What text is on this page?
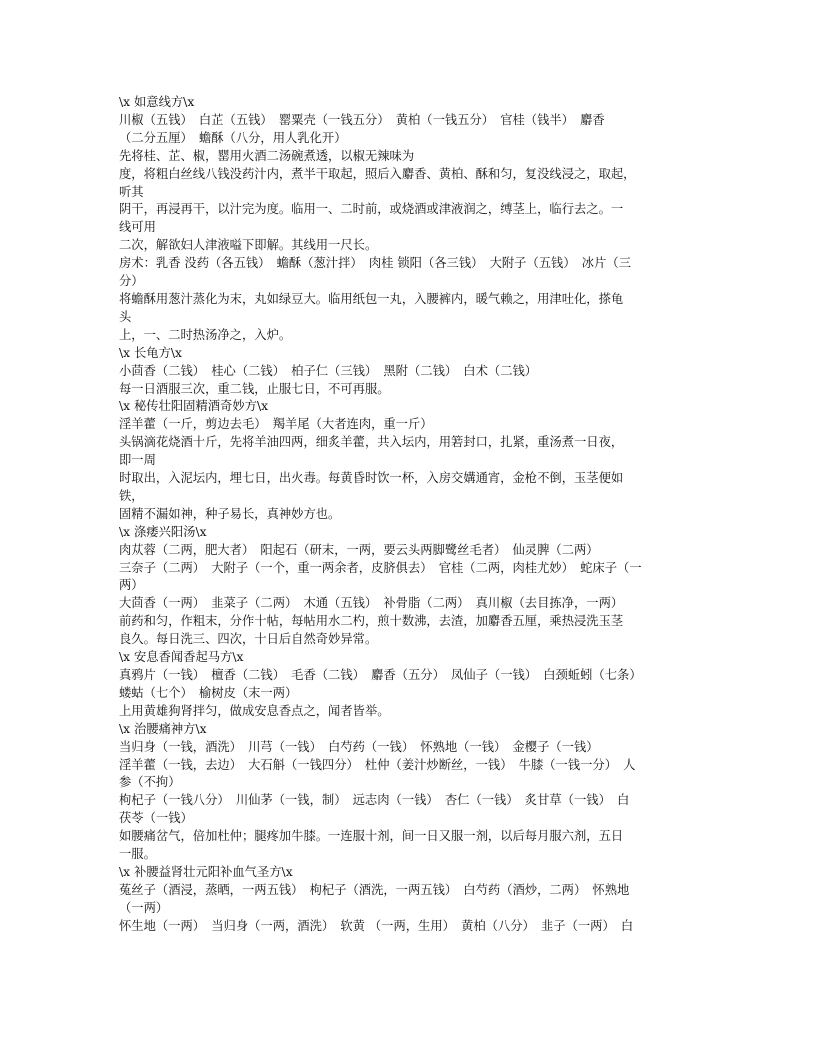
\x 如意线方\x
川椒（五钱）　白芷（五钱）　罂粟壳（一钱五分）　黄柏（一钱五分）　官桂（钱半）　麝香
（二分五厘）　蟾酥（八分，用人乳化开）
先将桂、芷、椒，罂用火酒二汤碗煮透，以椒无辣味为
度，将粗白丝线八钱没药汁内，煮半干取起，照后入麝香、黄柏、酥和匀，复没线浸之，取起，
听其
阴干，再浸再干，以汁完为度。临用一、二时前，或烧酒或津液润之，缚茎上，临行去之。一
线可用
二次，解欲妇人津液嗌下即解。其线用一尺长。
房术：乳香 没药（各五钱）　蟾酥（葱汁拌）　肉桂 锁阳（各三钱）　大附子（五钱）　冰片（三
分）
将蟾酥用葱汁蒸化为末，丸如绿豆大。临用纸包一丸，入腰裤内，暖气赖之，用津吐化，搽龟
头
上，一、二时热汤净之，入炉。
\x 长龟方\x
小茴香（二钱）　桂心（二钱）　柏子仁（三钱）　黑附（二钱）　白术（二钱）
每一日酒服三次，重二钱，止服七日，不可再服。
\x 秘传壮阳固精酒奇妙方\x
淫羊藿（一斤，剪边去毛）　羯羊尾（大者连肉，重一斤）
头锅滴花烧酒十斤，先将羊油四两，细炙羊藿，共入坛内，用箬封口，扎紧，重汤煮一日夜，
即一周
时取出，入泥坛内，埋七日，出火毒。每黄昏时饮一杯，入房交媾通宵，金枪不倒，玉茎便如
铁，
固精不漏如神，种子易长，真神妙方也。
\x 涤痿兴阳汤\x
肉苁蓉（二两，肥大者）　阳起石（研末，一两，要云头两脚鹭丝毛者）　仙灵脾（二两）
三奈子（二两）　大附子（一个，重一两余者，皮脐俱去）　官桂（二两，肉桂尤妙）　蛇床子（一
两）
大茴香（一两）　韭菜子（二两）　木通（五钱）　补骨脂（二两）　真川椒（去目拣净，一两）
前药和匀，作粗末，分作十帖，每帖用水二杓，煎十数沸，去渣，加麝香五厘，乘热浸洗玉茎
良久。每日洗三、四次，十日后自然奇妙异常。
\x 安息香闻香起马方\x
真鸦片（一钱）　檀香（二钱）　毛香（二钱）　麝香（五分）　凤仙子（一钱）　白颈蚯蚓（七条）
蝼蛄（七个）　榆树皮（末一两）
上用黄雄狗肾拌匀，做成安息香点之，闻者皆举。
\x 治腰痛神方\x
当归身（一钱，酒洗）　川芎（一钱）　白芍药（一钱）　怀熟地（一钱）　金樱子（一钱）
淫羊藿（一钱，去边）　大石斛（一钱四分）　杜仲（姜汁炒断丝，一钱）　牛膝（一钱一分）　人
参（不拘）
枸杞子（一钱八分）　川仙茅（一钱，制）　远志肉（一钱）　杏仁（一钱）　炙甘草（一钱）　白
茯苓（一钱）
如腰痛岔气，倍加杜仲；腿疼加牛膝。一连服十剂，间一日又服一剂，以后每月服六剂，五日
一服。
\x 补腰益肾壮元阳补血气圣方\x
菟丝子（酒浸，蒸晒，一两五钱）　枸杞子（酒洗，一两五钱）　白芍药（酒炒，二两）　怀熟地
（一两）
怀生地（一两）　当归身（一两，酒洗）　软黄 （一两，生用）　黄柏（八分）　韭子（一两）　白
